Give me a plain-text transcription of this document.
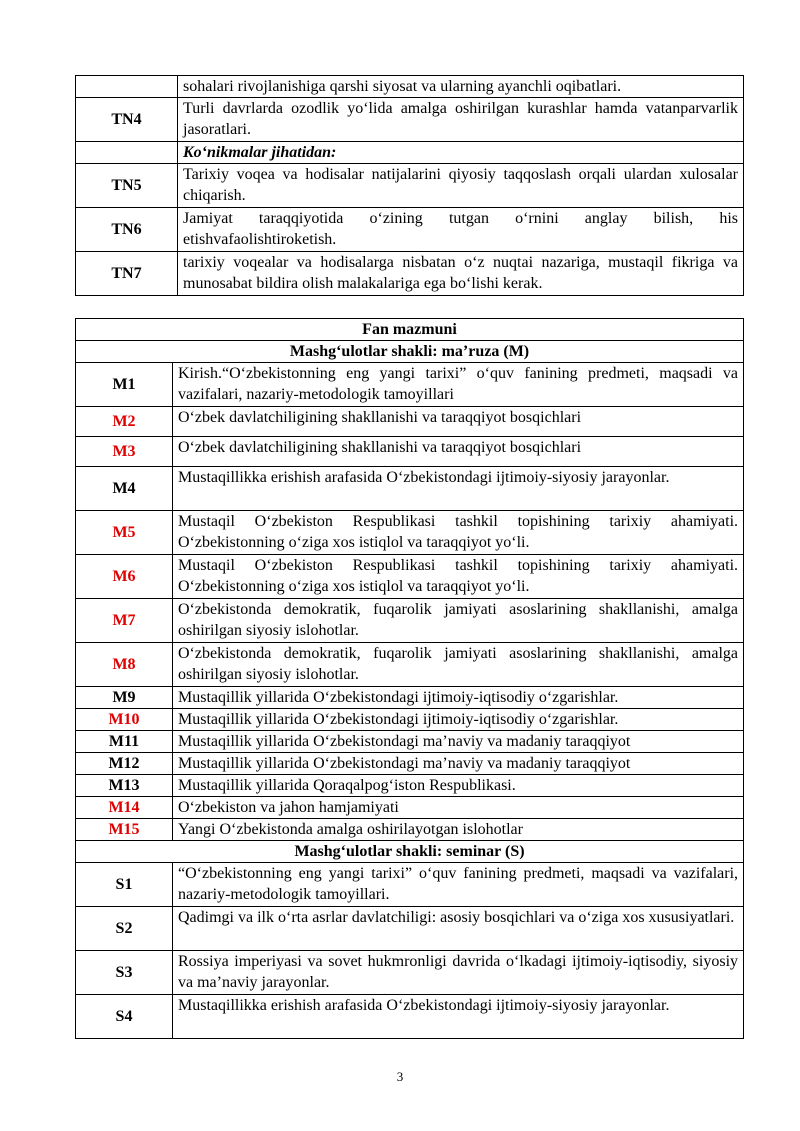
	sohalari rivojlanishiga qarshi siyosat va ularning ayanchli oqibatlari.
TN4	Turli davrlarda ozodlik yo‘lida amalga oshirilgan kurashlar hamda vatanparvarlik jasoratlari.
	Ko‘nikmalar jihatidan:
TN5	Tarixiy voqea va hodisalar natijalarini qiyosiy taqqoslash orqali ulardan xulosalar chiqarish.
TN6	Jamiyat taraqqiyotida o‘zining tutgan o‘rnini anglay bilish, his etishvafaolishtiroketish.
TN7	tarixiy voqealar va hodisalarga nisbatan o‘z nuqtai nazariga, mustaqil fikriga va munosabat bildira olish malakalariga ega bo‘lishi kerak.
Fan mazmuni	
Mashg‘ulotlar shakli: ma’ruza (M)	
M1	Kirish.“O‘zbekistonning eng yangi tarixi” o‘quv fanining predmeti, maqsadi va vazifalari, nazariy-metodologik tamoyillari
M2	O‘zbek davlatchiligining shakllanishi va taraqqiyot bosqichlari
M3	O‘zbek davlatchiligining shakllanishi va taraqqiyot bosqichlari
M4	Mustaqillikka erishish arafasida O‘zbekistondagi ijtimoiy-siyosiy jarayonlar.
M5	Mustaqil O‘zbekiston Respublikasi tashkil topishining tarixiy ahamiyati. O‘zbekistonning o‘ziga xos istiqlol va taraqqiyot yo‘li.
M6	Mustaqil O‘zbekiston Respublikasi tashkil topishining tarixiy ahamiyati. O‘zbekistonning o‘ziga xos istiqlol va taraqqiyot yo‘li.
M7	O‘zbekistonda demokratik, fuqarolik jamiyati asoslarining shakllanishi, amalga oshirilgan siyosiy islohotlar.
M8	O‘zbekistonda demokratik, fuqarolik jamiyati asoslarining shakllanishi, amalga oshirilgan siyosiy islohotlar.
M9	Mustaqillik yillarida O‘zbekistondagi ijtimoiy-iqtisodiy o‘zgarishlar.
M10	Mustaqillik yillarida O‘zbekistondagi ijtimoiy-iqtisodiy o‘zgarishlar.
M11	Mustaqillik yillarida O‘zbekistondagi ma’naviy va madaniy taraqqiyot
M12	Mustaqillik yillarida O‘zbekistondagi ma’naviy va madaniy taraqqiyot
M13	Mustaqillik yillarida Qoraqalpog‘iston Respublikasi.
M14	O‘zbekiston va jahon hamjamiyati
M15	Yangi O‘zbekistonda amalga oshirilayotgan islohotlar
Mashg‘ulotlar shakli: seminar (S)	
S1	“O‘zbekistonning eng yangi tarixi” o‘quv fanining predmeti, maqsadi va vazifalari, nazariy-metodologik tamoyillari.
S2	Qadimgi va ilk o‘rta asrlar davlatchiligi: asosiy bosqichlari va o‘ziga xos xususiyatlari.
S3	Rossiya imperiyasi va sovet hukmronligi davrida o‘lkadagi ijtimoiy-iqtisodiy, siyosiy va ma’naviy jarayonlar.
S4	Mustaqillikka erishish arafasida O‘zbekistondagi ijtimoiy-siyosiy jarayonlar.
3
